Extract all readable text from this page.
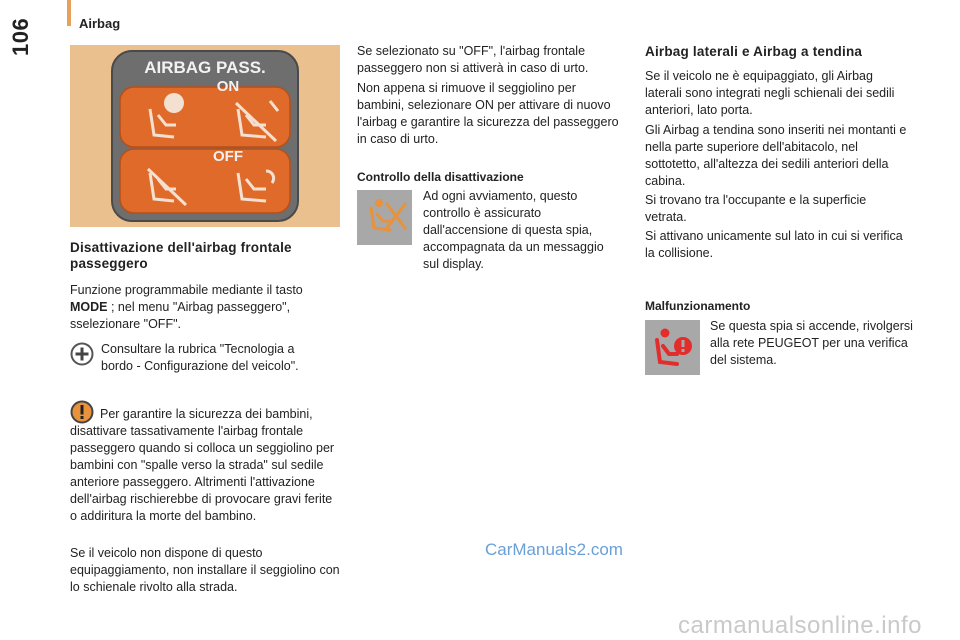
106	Airbag
AIRBAG PASS.
ON
OFF
Disattivazione dell'airbag frontale passeggero
Funzione programmabile mediante il tasto MODE ; nel menu "Airbag passeggero", sselezionare "OFF".
Consultare la rubrica "Tecnologia a bordo - Configurazione del veicolo".
Per garantire la sicurezza dei bambini, disattivare tassativamente l'airbag frontale passeggero quando si colloca un seggiolino per bambini con "spalle verso la strada" sul sedile anteriore passeggero. Altrimenti l'attivazione dell'airbag rischierebbe di provocare gravi ferite o addiritura la morte del bambino.
Se il veicolo non dispone di questo equipaggiamento, non installare il seggiolino con lo schienale rivolto alla strada.
Se selezionato su "OFF", l'airbag frontale passeggero non si attiverà in caso di urto.
Non appena si rimuove il seggiolino per bambini, selezionare ON per attivare di nuovo l'airbag e garantire la sicurezza del passeggero in caso di urto.
Controllo della disattivazione
Ad ogni avviamento, questo controllo è assicurato dall'accensione di questa spia, accompagnata da un messaggio sul display.
Airbag laterali e Airbag a tendina
Se il veicolo ne è equipaggiato, gli Airbag laterali sono integrati negli schienali dei sedili anteriori, lato porta.
Gli Airbag a tendina sono inseriti nei montanti e nella parte superiore dell'abitacolo, nel sottotetto, all'altezza dei sedili anteriori della cabina.
Si trovano tra l'occupante e la superficie vetrata.
Si attivano unicamente sul lato in cui si verifica la collisione.
Malfunzionamento
Se questa spia si accende, rivolgersi alla rete PEUGEOT per una verifica del sistema.
CarManuals2.com
carmanualsonline.info
